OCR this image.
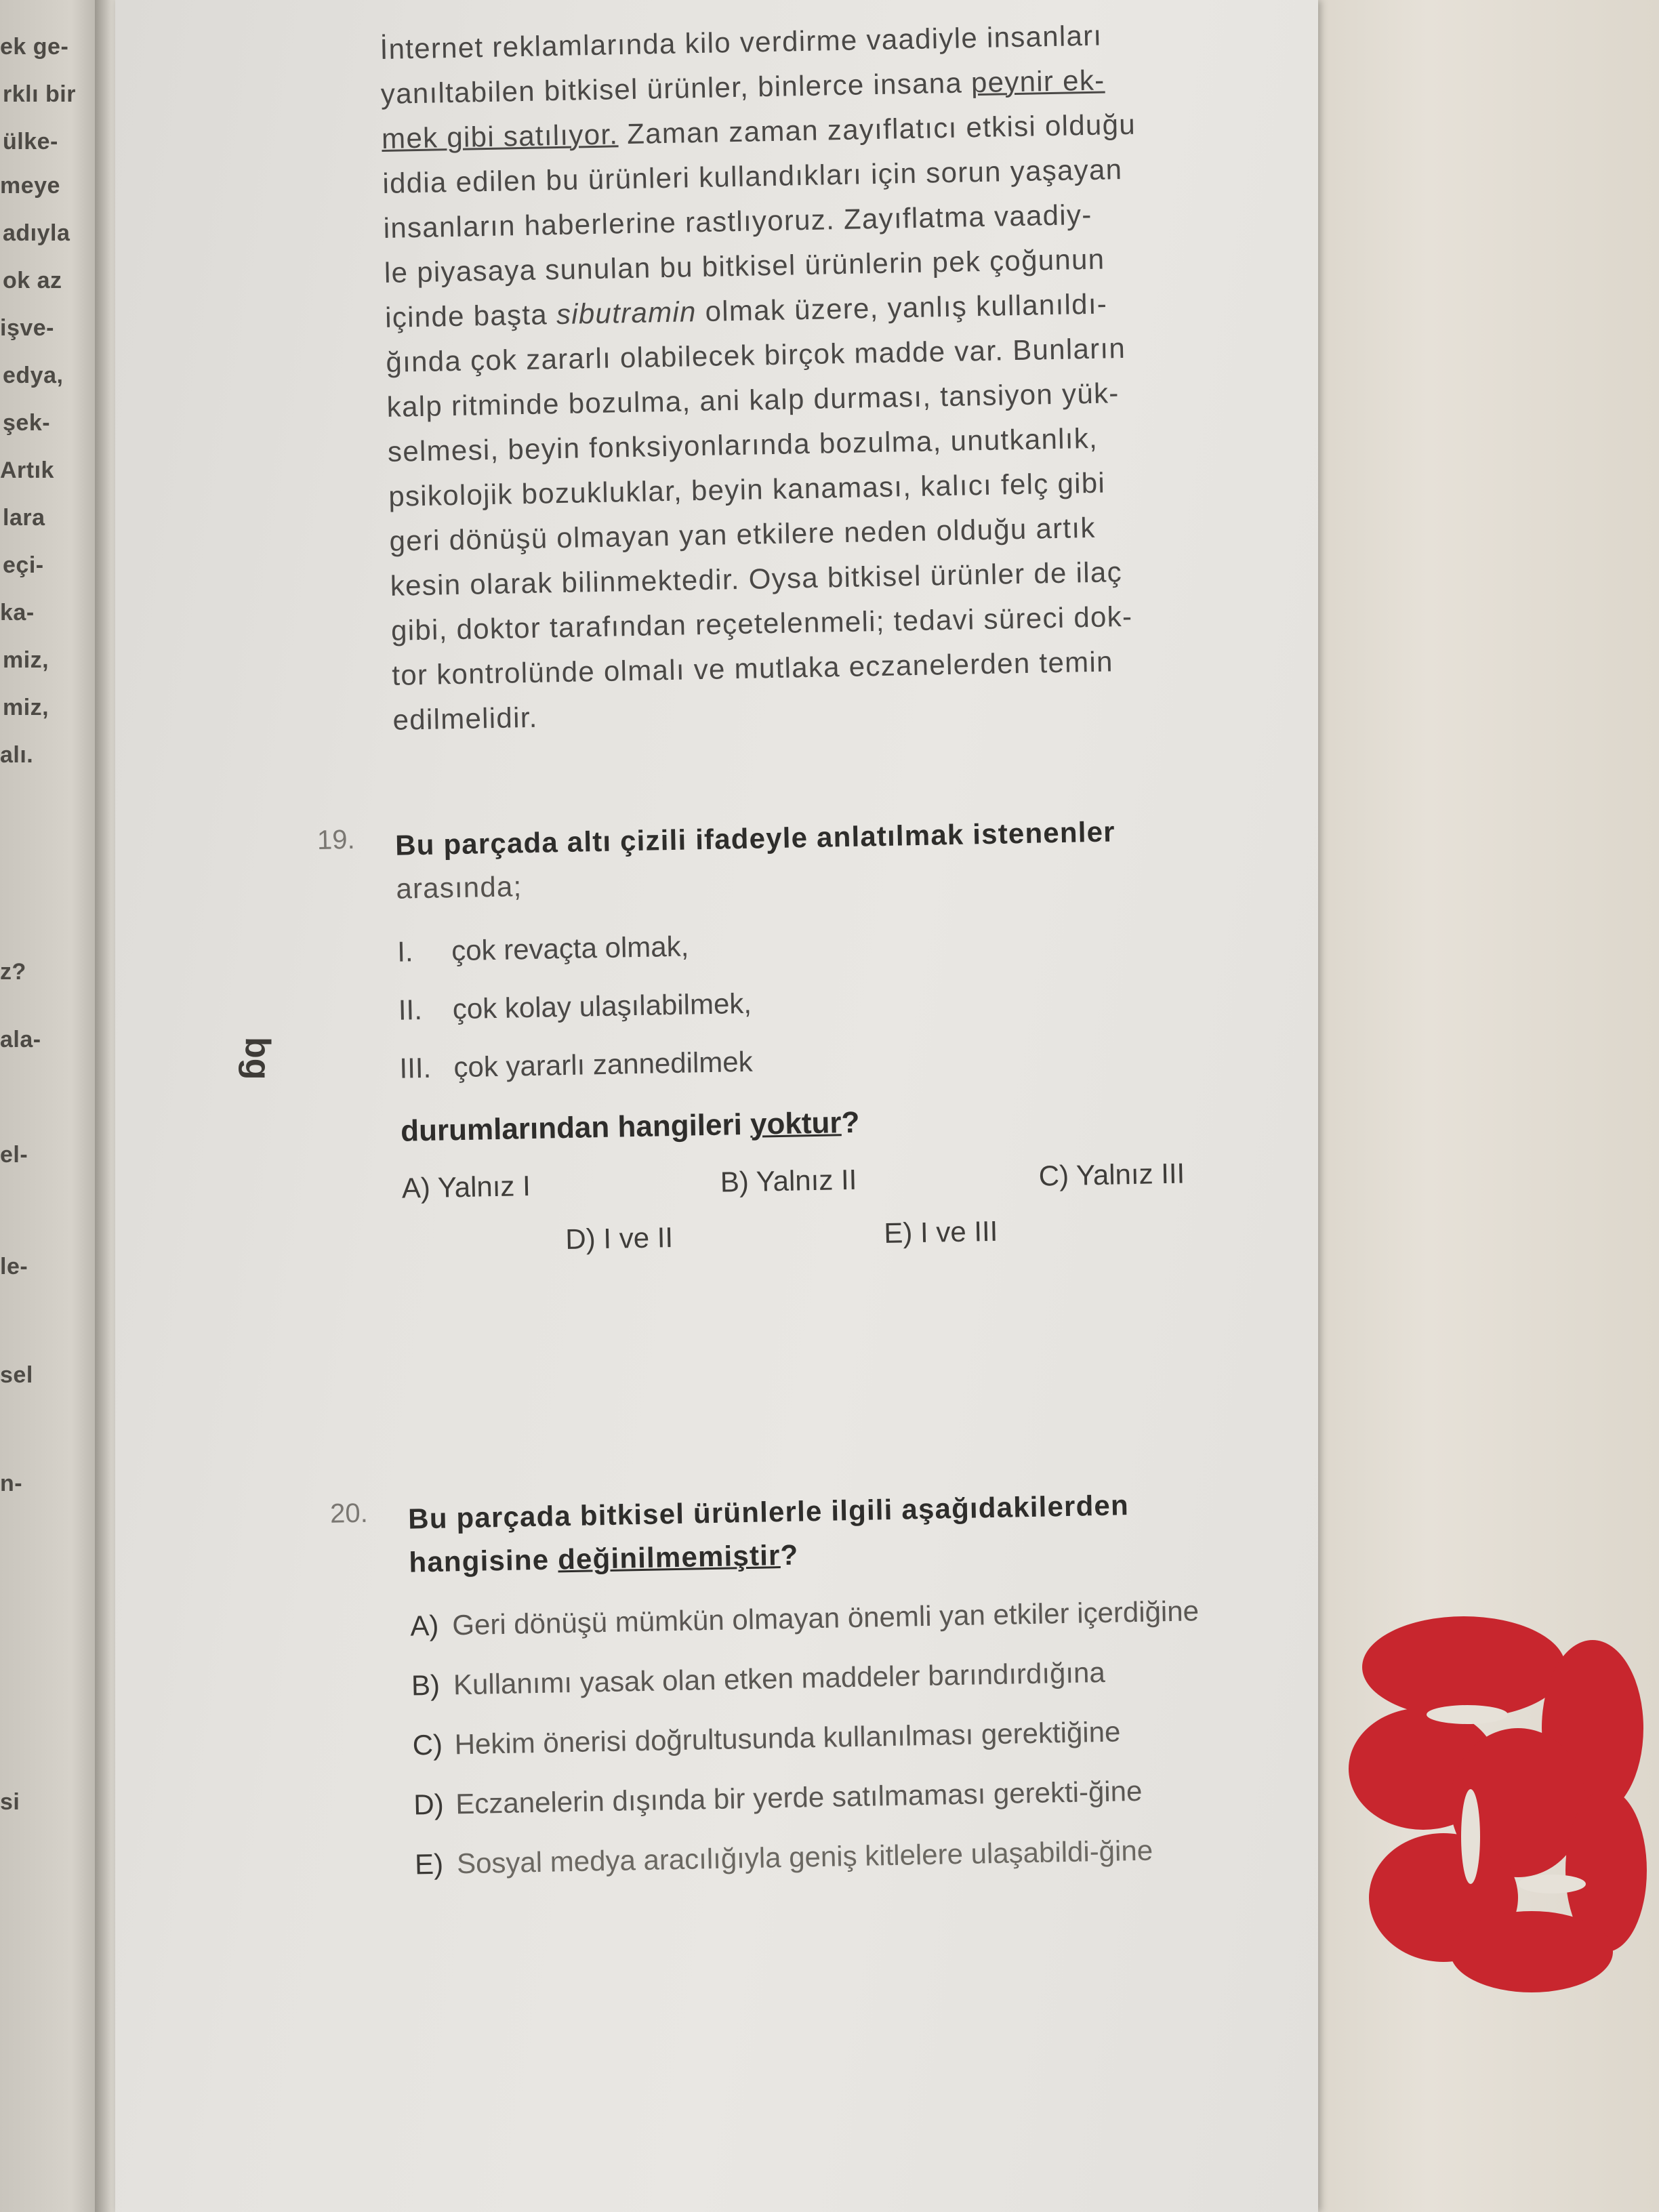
ek ge-
rklı bir
ülke-
meye
adıyla
ok az
işve-
edya,
şek-
Artık
lara
eçi-
ka-
miz,
miz,
alı.
z?
ala-
el-
le-
sel
n-
si
bg

İnternet reklamlarında kilo verdirme vaadiyle insanları
yanıltabilen bitkisel ürünler, binlerce insana peynir ek-
mek gibi satılıyor. Zaman zaman zayıflatıcı etkisi olduğu
iddia edilen bu ürünleri kullandıkları için sorun yaşayan
insanların haberlerine rastlıyoruz. Zayıflatma vaadiy-
le piyasaya sunulan bu bitkisel ürünlerin pek çoğunun
içinde başta sibutramin olmak üzere, yanlış kullanıldı-
ğında çok zararlı olabilecek birçok madde var. Bunların
kalp ritminde bozulma, ani kalp durması, tansiyon yük-
selmesi, beyin fonksiyonlarında bozulma, unutkanlık,
psikolojik bozukluklar, beyin kanaması, kalıcı felç gibi
geri dönüşü olmayan yan etkilere neden olduğu artık
kesin olarak bilinmektedir. Oysa bitkisel ürünler de ilaç
gibi, doktor tarafından reçetelenmeli; tedavi süreci dok-
tor kontrolünde olmalı ve mutlaka eczanelerden temin
edilmelidir.

19. Bu parçada altı çizili ifadeyle anlatılmak istenenler
arasında;
I. çok revaçta olmak,
II. çok kolay ulaşılabilmek,
III. çok yararlı zannedilmek
durumlarından hangileri yoktur?
A) Yalnız I	B) Yalnız II	C) Yalnız III
D) I ve II	E) I ve III
20. Bu parçada bitkisel ürünlerle ilgili aşağıdakilerden
hangisine değinilmemiştir?
A) Geri dönüşü mümkün olmayan önemli yan etkiler içerdiğine
B) Kullanımı yasak olan etken maddeler barındırdığına
C) Hekim önerisi doğrultusunda kullanılması gerektiğine
D) Eczanelerin dışında bir yerde satılmaması gerekti-ğine
E) Sosyal medya aracılığıyla geniş kitlelere ulaşabildi-ğine
